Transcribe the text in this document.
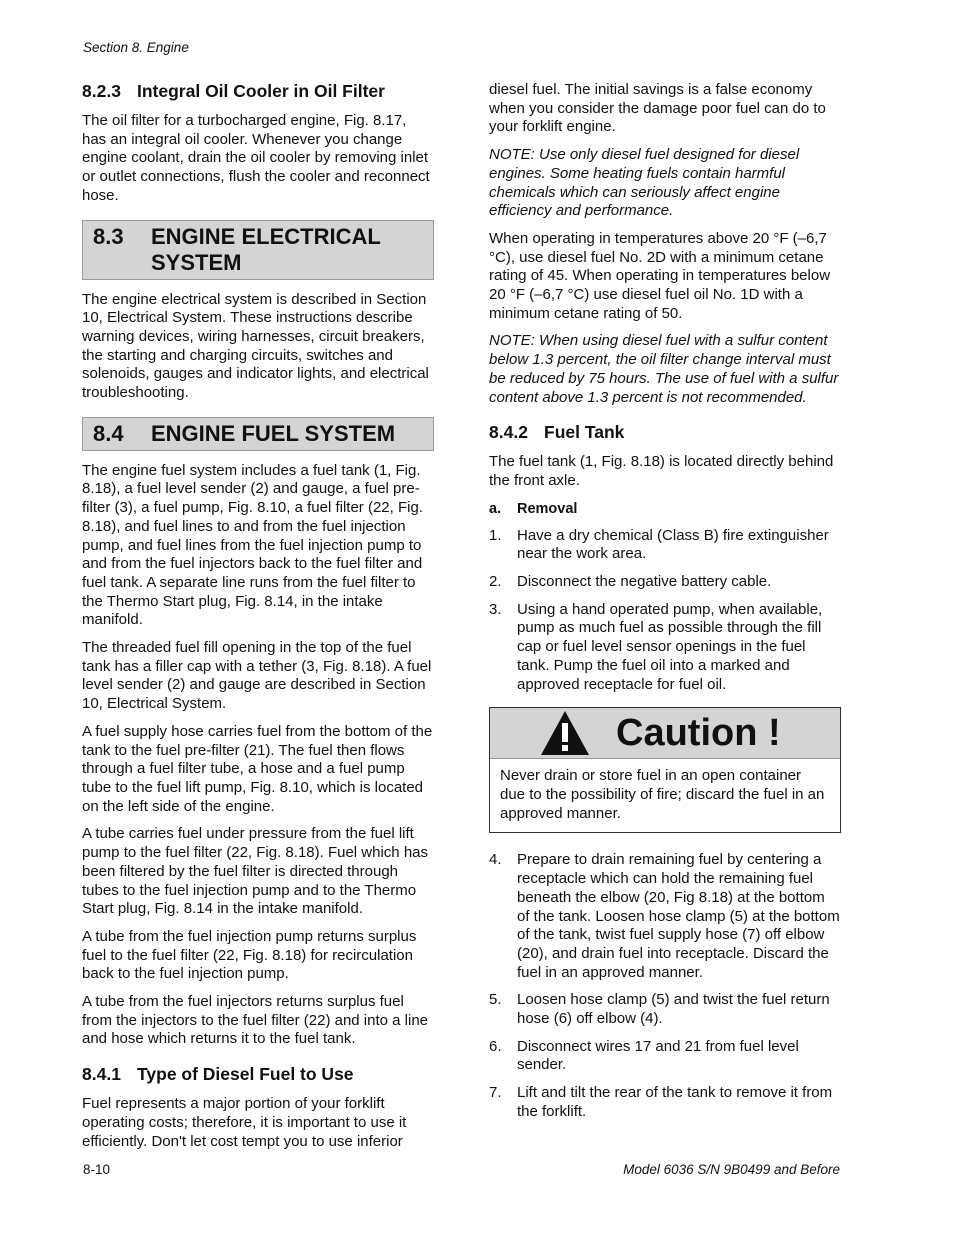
Section 8. Engine
8.2.3 Integral Oil Cooler in Oil Filter

The oil filter for a turbocharged engine, Fig. 8.17, has an integral oil cooler. Whenever you change engine coolant, drain the oil cooler by removing inlet or outlet connections, flush the cooler and reconnect hose.

8.3	ENGINE ELECTRICAL SYSTEM

The engine electrical system is described in Section 10, Electrical System. These instructions describe warning devices, wiring harnesses, circuit breakers, the starting and charging circuits, switches and solenoids, gauges and indicator lights, and electrical troubleshooting.

8.4	ENGINE FUEL SYSTEM

The engine fuel system includes a fuel tank (1, Fig. 8.18), a fuel level sender (2) and gauge, a fuel pre-filter (3), a fuel pump, Fig. 8.10, a fuel filter (22, Fig. 8.18), and fuel lines to and from the fuel injection pump, and fuel lines from the fuel injection pump to and from the fuel injectors back to the fuel filter and fuel tank. A separate line runs from the fuel filter to the Thermo Start plug, Fig. 8.14, in the intake manifold.

The threaded fuel fill opening in the top of the fuel tank has a filler cap with a tether (3, Fig. 8.18). A fuel level sender (2) and gauge are described in Section 10, Electrical System.

A fuel supply hose carries fuel from the bottom of the tank to the fuel pre-filter (21). The fuel then flows through a fuel filter tube, a hose and a fuel pump tube to the fuel lift pump, Fig. 8.10, which is located on the left side of the engine.

A tube carries fuel under pressure from the fuel lift pump to the fuel filter (22, Fig. 8.18). Fuel which has been filtered by the fuel filter is directed through tubes to the fuel injection pump and to the Thermo Start plug, Fig. 8.14 in the intake manifold.

A tube from the fuel injection pump returns surplus fuel to the fuel filter (22, Fig. 8.18) for recirculation back to the fuel injection pump.

A tube from the fuel injectors returns surplus fuel from the injectors to the fuel filter (22) and into a line and hose which returns it to the fuel tank.

8.4.1 Type of Diesel Fuel to Use

Fuel represents a major portion of your forklift operating costs; therefore, it is important to use it efficiently. Don't let cost tempt you to use inferior

diesel fuel. The initial savings is a false economy when you consider the damage poor fuel can do to your forklift engine.

NOTE: Use only diesel fuel designed for diesel engines. Some heating fuels contain harmful chemicals which can seriously affect engine efficiency and performance.

When operating in temperatures above 20 °F (–6,7 °C), use diesel fuel No. 2D with a minimum cetane rating of 45. When operating in temperatures below 20 °F (–6,7 °C) use diesel fuel oil No. 1D with a minimum cetane rating of 50.

NOTE: When using diesel fuel with a sulfur content below 1.3 percent, the oil filter change interval must be reduced by 75 hours. The use of fuel with a sulfur content above 1.3 percent is not recommended.

8.4.2 Fuel Tank

The fuel tank (1, Fig. 8.18) is located directly behind the front axle.

a. Removal
1.	Have a dry chemical (Class B) fire extinguisher near the work area.
2.	Disconnect the negative battery cable.
3.	Using a hand operated pump, when available, pump as much fuel as possible through the fill cap or fuel level sensor openings in the fuel tank. Pump the fuel oil into a marked and approved receptacle for fuel oil.
Caution !
Never drain or store fuel in an open container due to the possibility of fire; discard the fuel in an approved manner.
4.	Prepare to drain remaining fuel by centering a receptacle which can hold the remaining fuel beneath the elbow (20, Fig 8.18) at the bottom of the tank. Loosen hose clamp (5) at the bottom of the tank, twist fuel supply hose (7) off elbow (20), and drain fuel into receptacle. Discard the fuel in an approved manner.
5.	Loosen hose clamp (5) and twist the fuel return hose (6) off elbow (4).
6.	Disconnect wires 17 and 21 from fuel level sender.
7.	Lift and tilt the rear of the tank to remove it from the forklift.
8-10	Model 6036 S/N 9B0499 and Before
